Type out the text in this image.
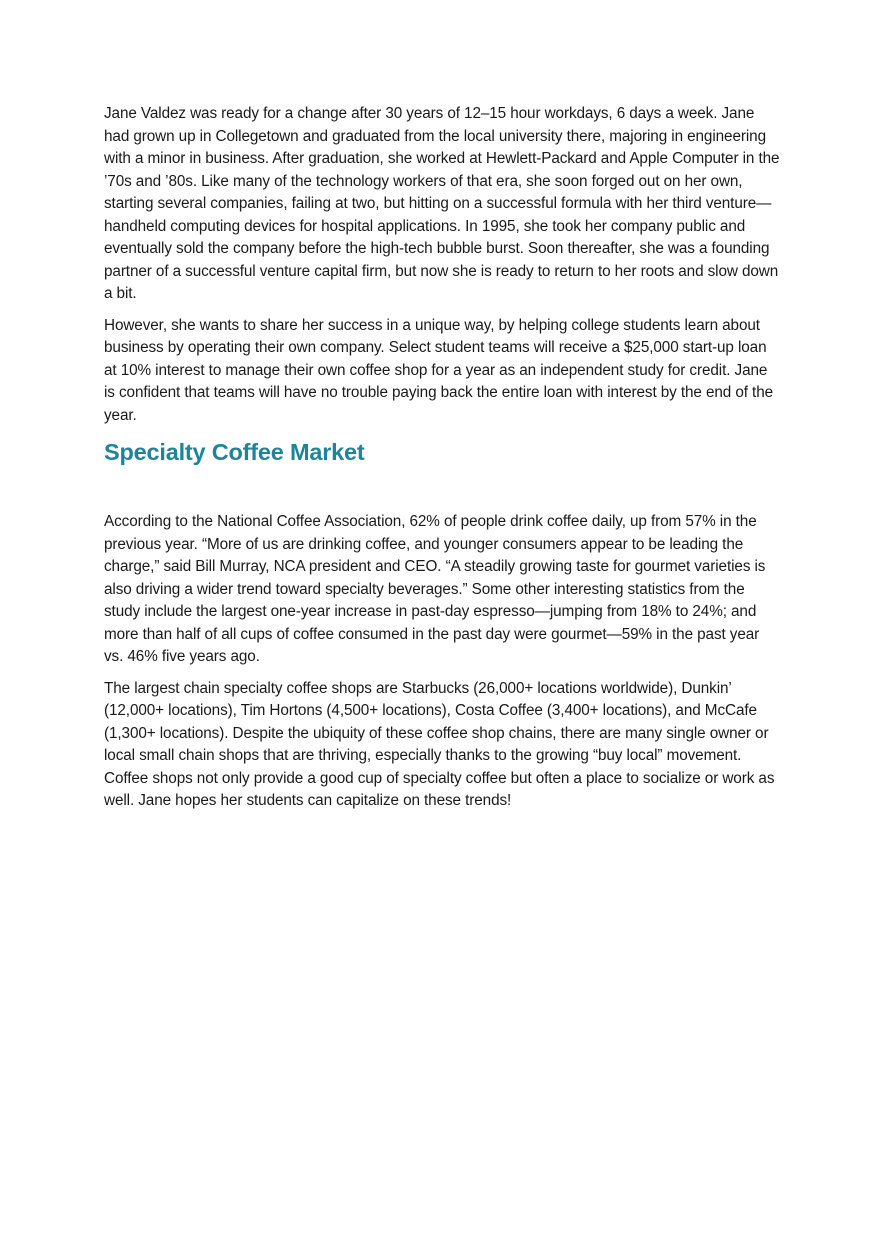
Jane Valdez was ready for a change after 30 years of 12–15 hour workdays, 6 days a week. Jane had grown up in Collegetown and graduated from the local university there, majoring in engineering with a minor in business. After graduation, she worked at Hewlett-Packard and Apple Computer in the ’70s and ’80s. Like many of the technology workers of that era, she soon forged out on her own, starting several companies, failing at two, but hitting on a successful formula with her third venture—handheld computing devices for hospital applications. In 1995, she took her company public and eventually sold the company before the high-tech bubble burst. Soon thereafter, she was a founding partner of a successful venture capital firm, but now she is ready to return to her roots and slow down a bit.

However, she wants to share her success in a unique way, by helping college students learn about business by operating their own company. Select student teams will receive a $25,000 start-up loan at 10% interest to manage their own coffee shop for a year as an independent study for credit. Jane is confident that teams will have no trouble paying back the entire loan with interest by the end of the year.

Specialty Coffee Market

According to the National Coffee Association, 62% of people drink coffee daily, up from 57% in the previous year. “More of us are drinking coffee, and younger consumers appear to be leading the charge,” said Bill Murray, NCA president and CEO. “A steadily growing taste for gourmet varieties is also driving a wider trend toward specialty beverages.” Some other interesting statistics from the study include the largest one-year increase in past-day espresso—jumping from 18% to 24%; and more than half of all cups of coffee consumed in the past day were gourmet—59% in the past year vs. 46% five years ago.

The largest chain specialty coffee shops are Starbucks (26,000+ locations worldwide), Dunkin’ (12,000+ locations), Tim Hortons (4,500+ locations), Costa Coffee (3,400+ locations), and McCafe (1,300+ locations). Despite the ubiquity of these coffee shop chains, there are many single owner or local small chain shops that are thriving, especially thanks to the growing “buy local” movement. Coffee shops not only provide a good cup of specialty coffee but often a place to socialize or work as well. Jane hopes her students can capitalize on these trends!
